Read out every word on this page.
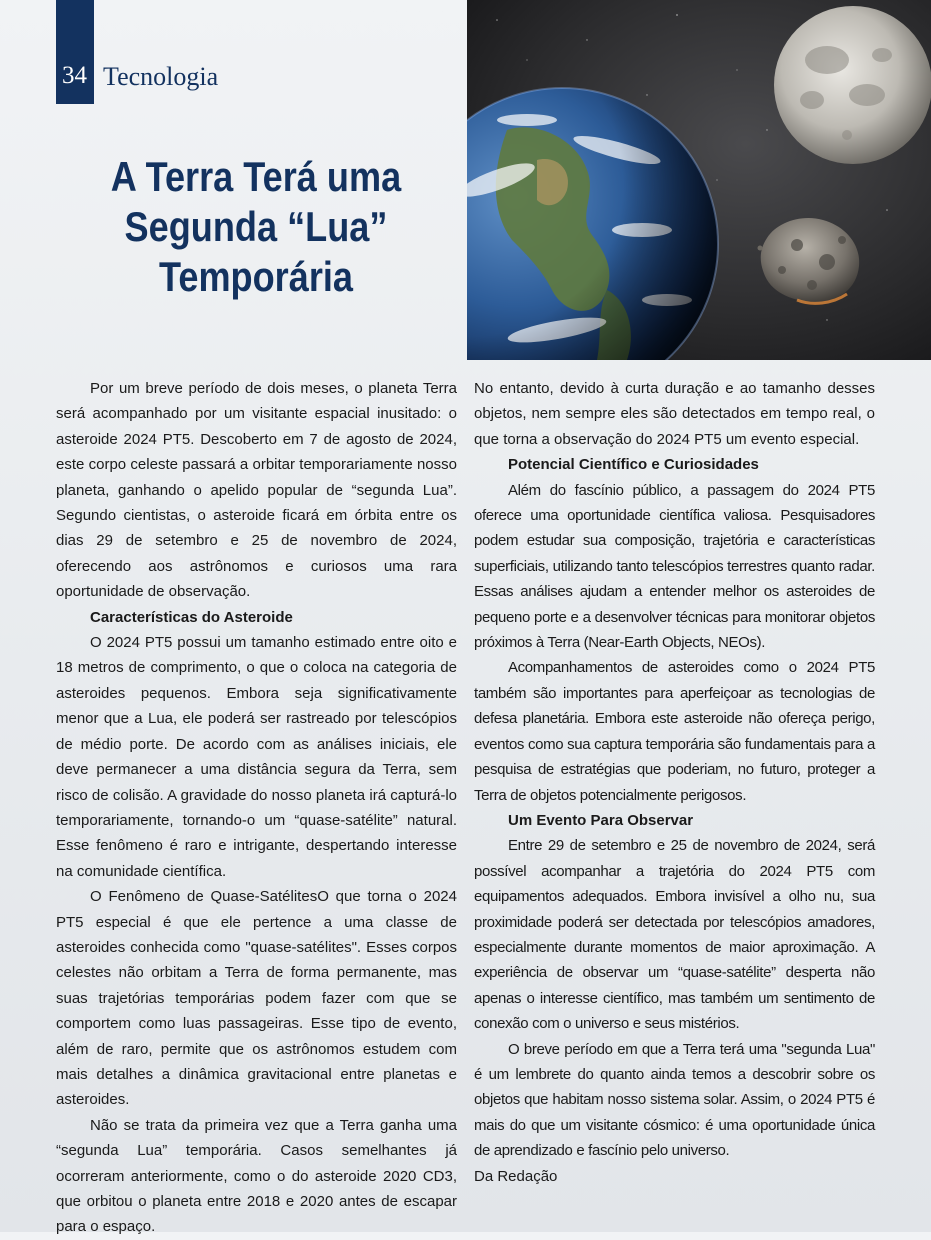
34 Tecnologia
A Terra Terá uma
Segunda “Lua”
Temporária

Por um breve período de dois meses, o planeta Terra será acompanhado por um visitante espacial inusitado: o asteroide 2024 PT5. Descoberto em 7 de agosto de 2024, este corpo celeste passará a orbitar temporariamente nosso planeta, ganhando o apelido popular de “segunda Lua”. Segundo cientistas, o asteroide ficará em órbita entre os dias 29 de setembro e 25 de novembro de 2024, oferecendo aos astrônomos e curiosos uma rara oportunidade de observação.

Características do Asteroide

O 2024 PT5 possui um tamanho estimado entre oito e 18 metros de comprimento, o que o coloca na categoria de asteroides pequenos. Embora seja significativamente menor que a Lua, ele poderá ser rastreado por telescópios de médio porte. De acordo com as análises iniciais, ele deve permanecer a uma distância segura da Terra, sem risco de colisão. A gravidade do nosso planeta irá capturá-lo temporariamente, tornando-o um “quase-satélite” natural. Esse fenômeno é raro e intrigante, despertando interesse na comunidade científica.

O Fenômeno de Quase-SatélitesO que torna o 2024 PT5 especial é que ele pertence a uma classe de asteroides conhecida como "quase-satélites". Esses corpos celestes não orbitam a Terra de forma permanente, mas suas trajetórias temporárias podem fazer com que se comportem como luas passageiras. Esse tipo de evento, além de raro, permite que os astrônomos estudem com mais detalhes a dinâmica gravitacional entre planetas e asteroides.

Não se trata da primeira vez que a Terra ganha uma “segunda Lua” temporária. Casos semelhantes já ocorreram anteriormente, como o do asteroide 2020 CD3, que orbitou o planeta entre 2018 e 2020 antes de escapar para o espaço.

No entanto, devido à curta duração e ao tamanho desses objetos, nem sempre eles são detectados em tempo real, o que torna a observação do 2024 PT5 um evento especial.

Potencial Científico e Curiosidades

Além do fascínio público, a passagem do 2024 PT5 oferece uma oportunidade científica valiosa. Pesquisadores podem estudar sua composição, trajetória e características superficiais, utilizando tanto telescópios terrestres quanto radar. Essas análises ajudam a entender melhor os asteroides de pequeno porte e a desenvolver técnicas para monitorar objetos próximos à Terra (Near-Earth Objects, NEOs).

Acompanhamentos de asteroides como o 2024 PT5 também são importantes para aperfeiçoar as tecnologias de defesa planetária. Embora este asteroide não ofereça perigo, eventos como sua captura temporária são fundamentais para a pesquisa de estratégias que poderiam, no futuro, proteger a Terra de objetos potencialmente perigosos.

Um Evento Para Observar

Entre 29 de setembro e 25 de novembro de 2024, será possível acompanhar a trajetória do 2024 PT5 com equipamentos adequados. Embora invisível a olho nu, sua proximidade poderá ser detectada por telescópios amadores, especialmente durante momentos de maior aproximação. A experiência de observar um “quase-satélite” desperta não apenas o interesse científico, mas também um sentimento de conexão com o universo e seus mistérios.

O breve período em que a Terra terá uma "segunda Lua" é um lembrete do quanto ainda temos a descobrir sobre os objetos que habitam nosso sistema solar. Assim, o 2024 PT5 é mais do que um visitante cósmico: é uma oportunidade única de aprendizado e fascínio pelo universo.

Da Redação
